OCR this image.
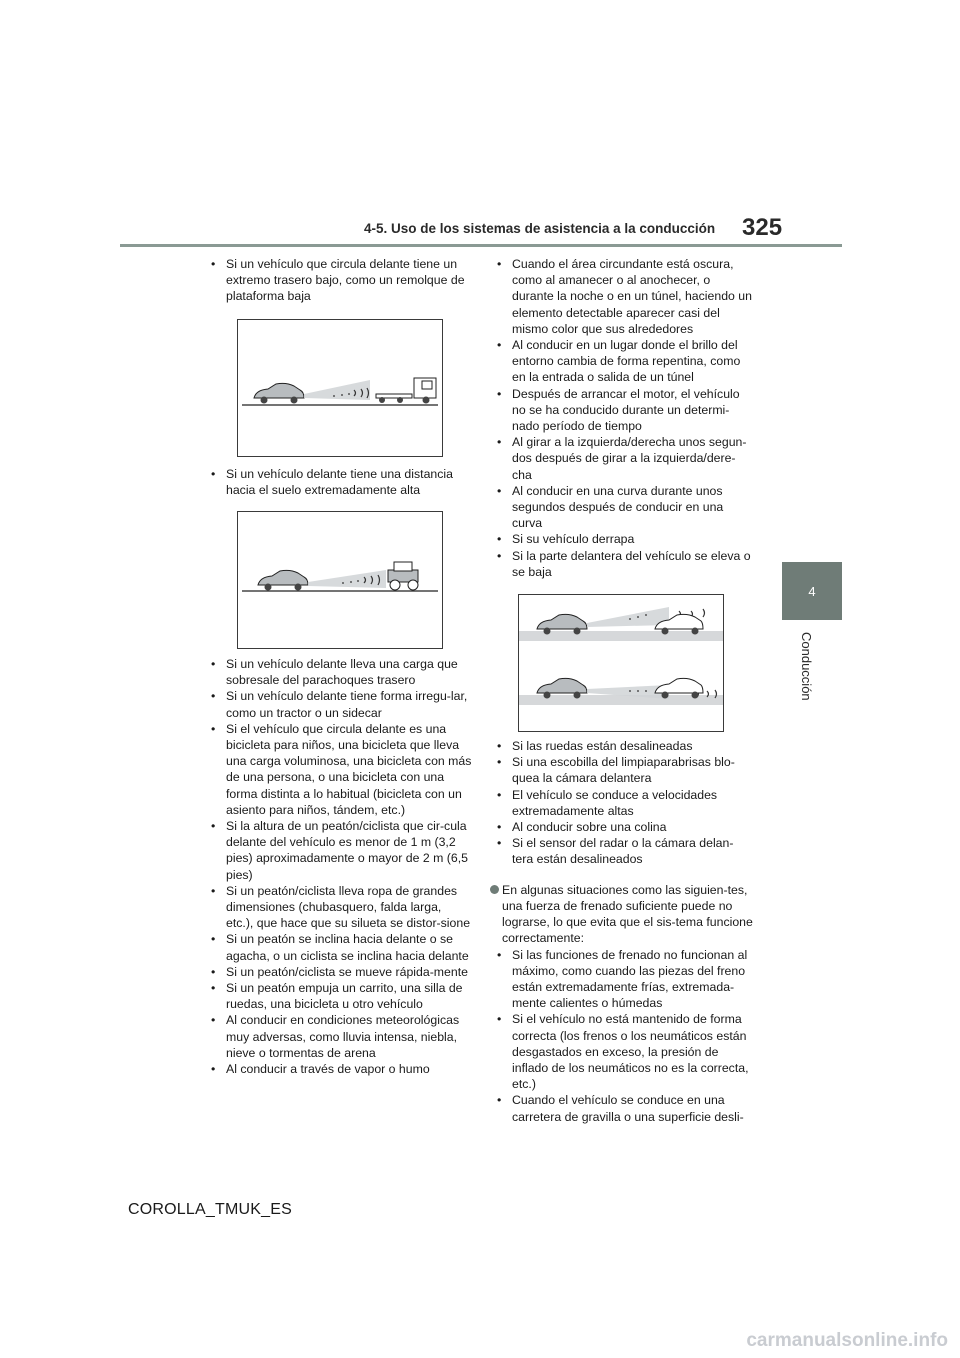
4-5. Uso de los sistemas de asistencia a la conducción 325
4
Conducción

• Si un vehículo que circula delante tiene un extremo trasero bajo, como un remolque de plataforma baja

• Si un vehículo delante tiene una distancia hacia el suelo extremadamente alta

• Si un vehículo delante lleva una carga que sobresale del parachoques trasero

• Si un vehículo delante tiene forma irregu-lar, como un tractor o un sidecar

• Si el vehículo que circula delante es una bicicleta para niños, una bicicleta que lleva una carga voluminosa, una bicicleta con más de una persona, o una bicicleta con una forma distinta a lo habitual (bicicleta con un asiento para niños, tándem, etc.)

• Si la altura de un peatón/ciclista que cir-cula delante del vehículo es menor de 1 m (3,2 pies) aproximadamente o mayor de 2 m (6,5 pies)

• Si un peatón/ciclista lleva ropa de grandes dimensiones (chubasquero, falda larga, etc.), que hace que su silueta se distor-sione

• Si un peatón se inclina hacia delante o se agacha, o un ciclista se inclina hacia delante

• Si un peatón/ciclista se mueve rápida-mente

• Si un peatón empuja un carrito, una silla de ruedas, una bicicleta u otro vehículo

• Al conducir en condiciones meteorológicas muy adversas, como lluvia intensa, niebla, nieve o tormentas de arena

• Al conducir a través de vapor o humo

• Cuando el área circundante está oscura, como al amanecer o al anochecer, o durante la noche o en un túnel, haciendo un elemento detectable aparecer casi del mismo color que sus alrededores

• Al conducir en un lugar donde el brillo del entorno cambia de forma repentina, como en la entrada o salida de un túnel

• Después de arrancar el motor, el vehículo no se ha conducido durante un determi-nado período de tiempo

• Al girar a la izquierda/derecha unos segun-dos después de girar a la izquierda/dere-cha

• Al conducir en una curva durante unos segundos después de conducir en una curva

• Si su vehículo derrapa

• Si la parte delantera del vehículo se eleva o se baja

• Si las ruedas están desalineadas

• Si una escobilla del limpiaparabrisas blo-quea la cámara delantera

• El vehículo se conduce a velocidades extremadamente altas

• Al conducir sobre una colina

• Si el sensor del radar o la cámara delan-tera están desalineados

En algunas situaciones como las siguien-tes, una fuerza de frenado suficiente puede no lograrse, lo que evita que el sis-tema funcione correctamente:

• Si las funciones de frenado no funcionan al máximo, como cuando las piezas del freno están extremadamente frías, extremada-mente calientes o húmedas

• Si el vehículo no está mantenido de forma correcta (los frenos o los neumáticos están desgastados en exceso, la presión de inflado de los neumáticos no es la correcta, etc.)

• Cuando el vehículo se conduce en una carretera de gravilla o una superficie desli-

COROLLA_TMUK_ES
carmanualsonline.info
